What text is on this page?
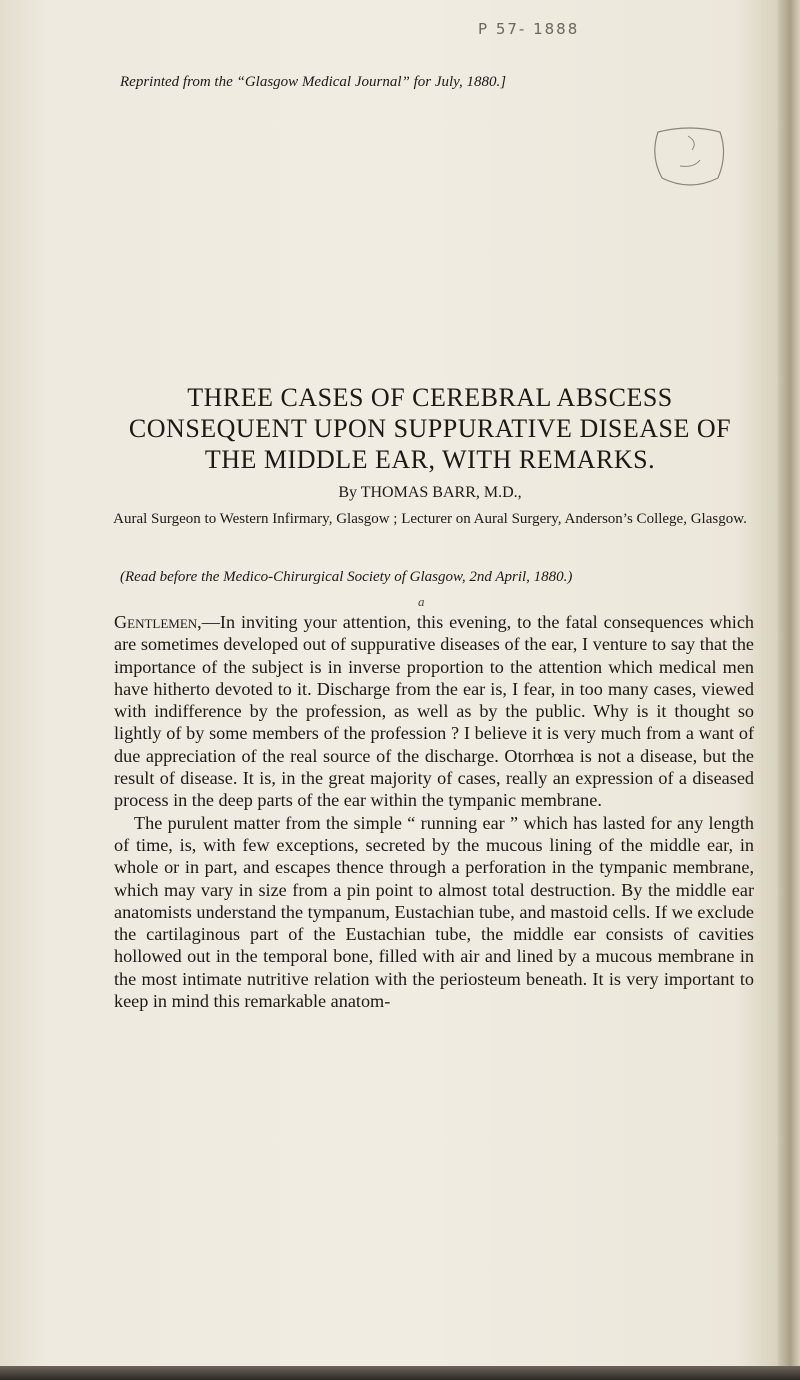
P 57- 1888
Reprinted from the “Glasgow Medical Journal” for July, 1880.]
THREE CASES OF CEREBRAL ABSCESS CONSEQUENT UPON SUPPURATIVE DISEASE OF THE MIDDLE EAR, WITH REMARKS.
By THOMAS BARR, M.D.,
Aural Surgeon to Western Infirmary, Glasgow ; Lecturer on Aural Surgery, Anderson’s College, Glasgow.
(Read before the Medico-Chirurgical Society of Glasgow, 2nd April, 1880.)
a

Gentlemen,—In inviting your attention, this evening, to the fatal consequences which are sometimes developed out of suppurative diseases of the ear, I venture to say that the importance of the subject is in inverse proportion to the attention which medical men have hitherto devoted to it. Discharge from the ear is, I fear, in too many cases, viewed with indifference by the profession, as well as by the public. Why is it thought so lightly of by some members of the profession ? I believe it is very much from a want of due appreciation of the real source of the discharge. Otorrhœa is not a disease, but the result of disease. It is, in the great majority of cases, really an expression of a diseased process in the deep parts of the ear within the tympanic membrane.

The purulent matter from the simple “ running ear ” which has lasted for any length of time, is, with few exceptions, secreted by the mucous lining of the middle ear, in whole or in part, and escapes thence through a perforation in the tympanic membrane, which may vary in size from a pin point to almost total destruction. By the middle ear anatomists understand the tympanum, Eustachian tube, and mastoid cells. If we exclude the cartilaginous part of the Eustachian tube, the middle ear consists of cavities hollowed out in the temporal bone, filled with air and lined by a mucous membrane in the most intimate nutritive relation with the periosteum beneath. It is very important to keep in mind this remarkable anatom-
